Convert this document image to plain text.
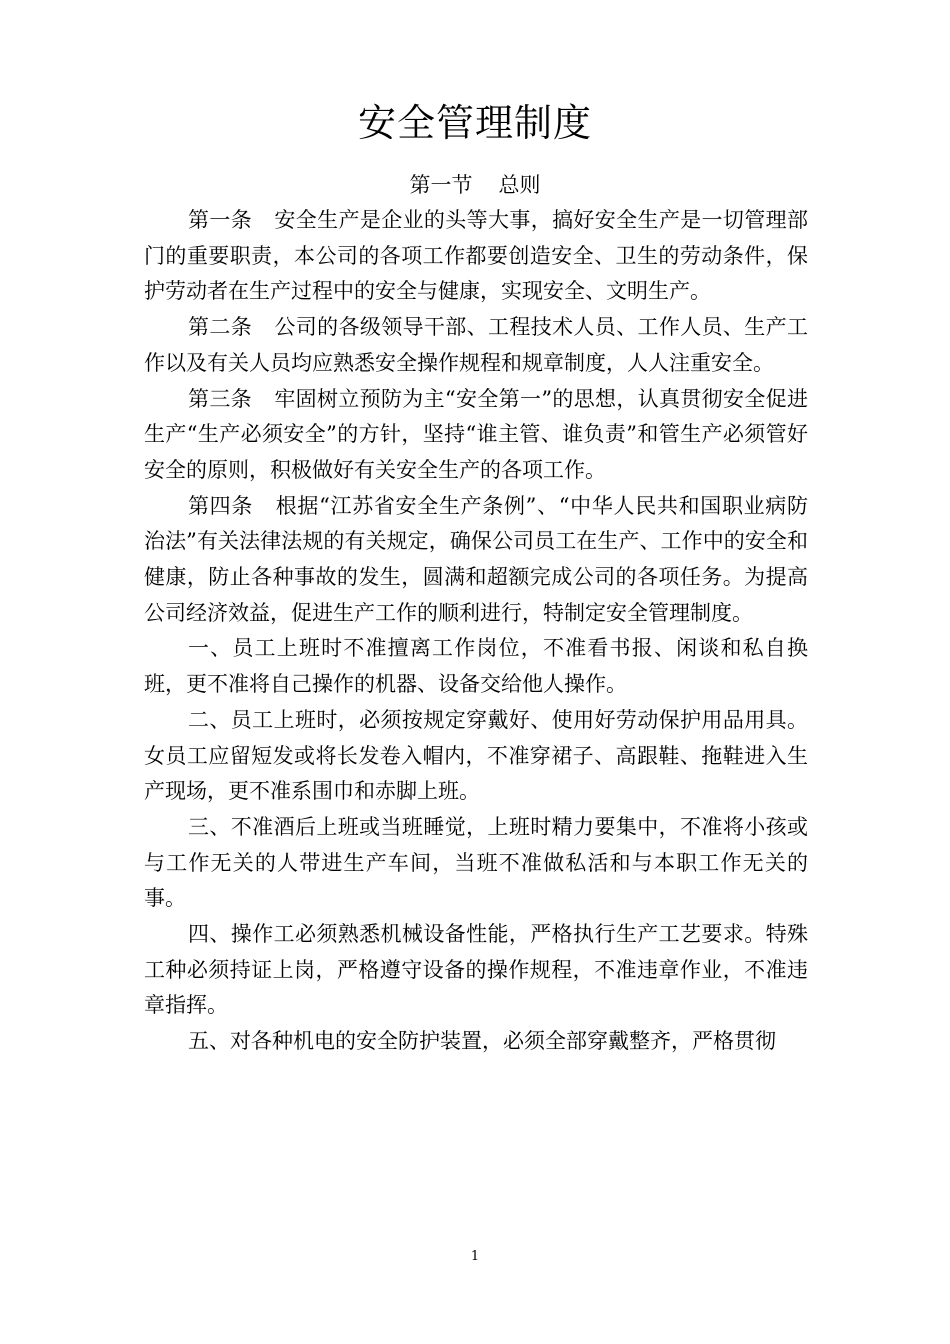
安全管理制度
第一节 总则

第一条 安全生产是企业的头等大事，搞好安全生产是一切管理部门的重要职责，本公司的各项工作都要创造安全、卫生的劳动条件，保护劳动者在生产过程中的安全与健康，实现安全、文明生产。

第二条 公司的各级领导干部、工程技术人员、工作人员、生产工作以及有关人员均应熟悉安全操作规程和规章制度，人人注重安全。

第三条 牢固树立预防为主“安全第一”的思想，认真贯彻安全促进生产“生产必须安全”的方针，坚持“谁主管、谁负责”和管生产必须管好安全的原则，积极做好有关安全生产的各项工作。

第四条 根据“江苏省安全生产条例”、“中华人民共和国职业病防治法”有关法律法规的有关规定，确保公司员工在生产、工作中的安全和健康，防止各种事故的发生，圆满和超额完成公司的各项任务。为提高公司经济效益，促进生产工作的顺利进行，特制定安全管理制度。

一、员工上班时不准擅离工作岗位，不准看书报、闲谈和私自换班，更不准将自己操作的机器、设备交给他人操作。

二、员工上班时，必须按规定穿戴好、使用好劳动保护用品用具。女员工应留短发或将长发卷入帽内，不准穿裙子、高跟鞋、拖鞋进入生产现场，更不准系围巾和赤脚上班。

三、不准酒后上班或当班睡觉，上班时精力要集中，不准将小孩或与工作无关的人带进生产车间，当班不准做私活和与本职工作无关的事。

四、操作工必须熟悉机械设备性能，严格执行生产工艺要求。特殊工种必须持证上岗，严格遵守设备的操作规程，不准违章作业，不准违章指挥。

五、对各种机电的安全防护装置，必须全部穿戴整齐，严格贯彻

1
